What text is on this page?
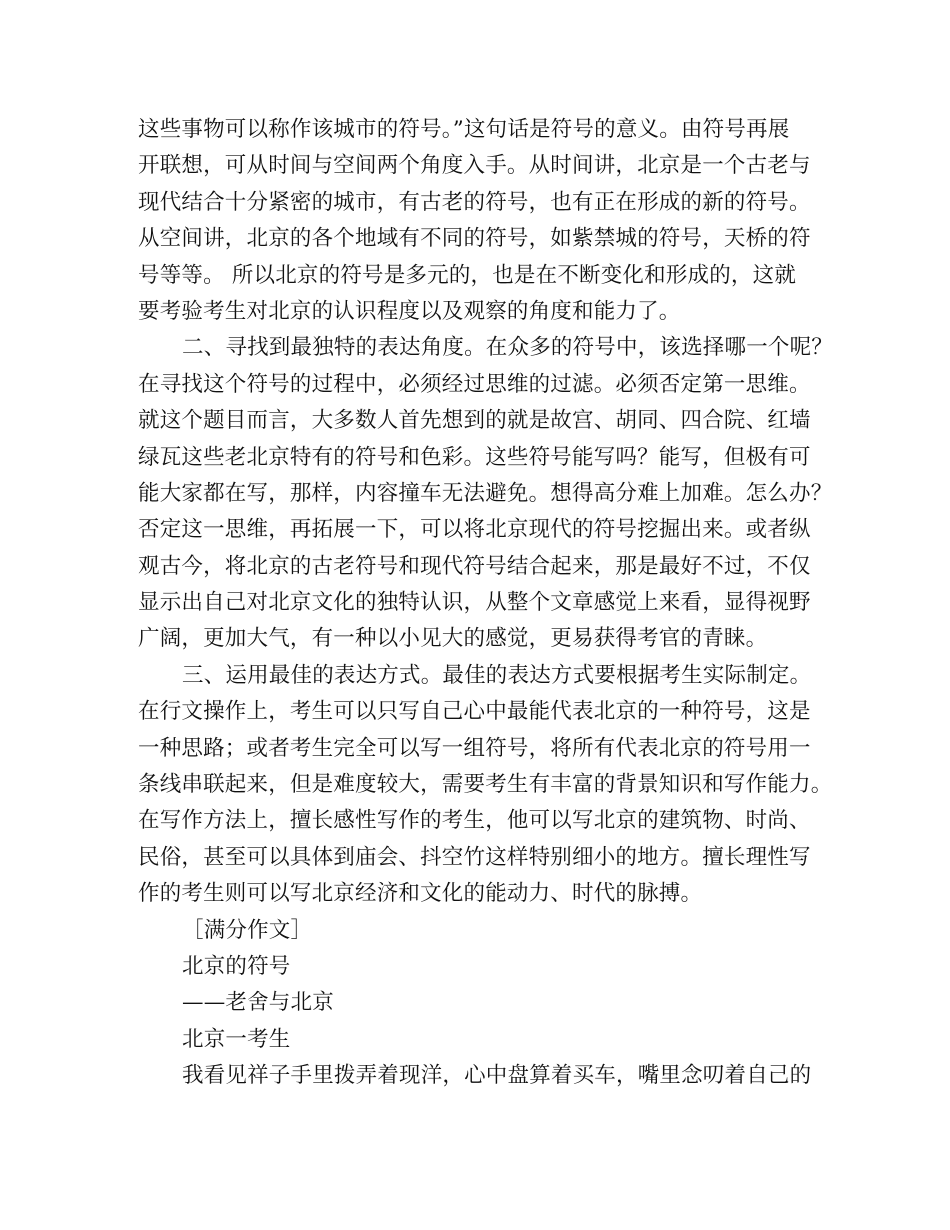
这些事物可以称作该城市的符号。”这句话是符号的意义。由符号再展
开联想，可从时间与空间两个角度入手。从时间讲，北京是一个古老与
现代结合十分紧密的城市，有古老的符号，也有正在形成的新的符号。
从空间讲，北京的各个地域有不同的符号，如紫禁城的符号，天桥的符
号等等。 所以北京的符号是多元的，也是在不断变化和形成的，这就
要考验考生对北京的认识程度以及观察的角度和能力了。
二、寻找到最独特的表达角度。在众多的符号中，该选择哪一个呢？
在寻找这个符号的过程中，必须经过思维的过滤。必须否定第一思维。
就这个题目而言，大多数人首先想到的就是故宫、胡同、四合院、红墙
绿瓦这些老北京特有的符号和色彩。这些符号能写吗？能写，但极有可
能大家都在写，那样，内容撞车无法避免。想得高分难上加难。怎么办？
否定这一思维，再拓展一下，可以将北京现代的符号挖掘出来。或者纵
观古今，将北京的古老符号和现代符号结合起来，那是最好不过，不仅
显示出自己对北京文化的独特认识，从整个文章感觉上来看，显得视野
广阔，更加大气，有一种以小见大的感觉，更易获得考官的青睐。
三、运用最佳的表达方式。最佳的表达方式要根据考生实际制定。
在行文操作上，考生可以只写自己心中最能代表北京的一种符号，这是
一种思路；或者考生完全可以写一组符号，将所有代表北京的符号用一
条线串联起来，但是难度较大，需要考生有丰富的背景知识和写作能力。
在写作方法上，擅长感性写作的考生，他可以写北京的建筑物、时尚、
民俗，甚至可以具体到庙会、抖空竹这样特别细小的地方。擅长理性写
作的考生则可以写北京经济和文化的能动力、时代的脉搏。
［满分作文］
北京的符号
——老舍与北京
北京一考生
我看见祥子手里拨弄着现洋，心中盘算着买车，嘴里念叨着自己的
